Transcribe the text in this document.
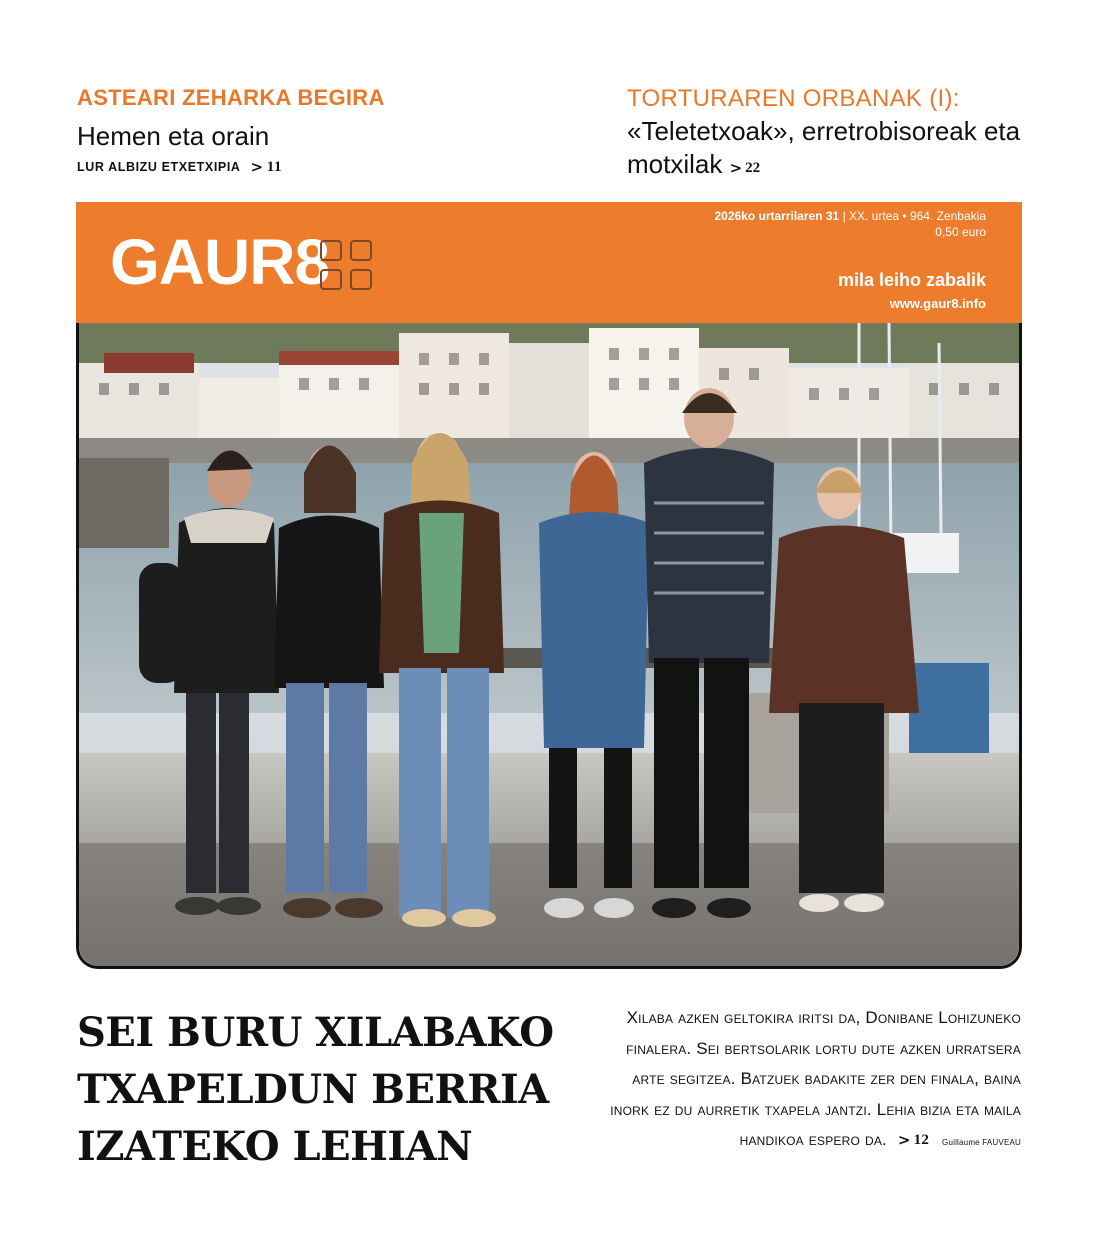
ASTEARI ZEHARKA BEGIRA
Hemen eta orain
LUR ALBIZU ETXETXIPIA > 11
TORTURAREN ORBANAK (I):
«Teletetxoak», erretrobisoreak eta motxilak > 22
GAUR8
2026ko urtarrilaren 31 | XX. urtea • 964. Zenbakia
0,50 euro
mila leiho zabalik
www.gaur8.info
SEI BURU XILABAKO
TXAPELDUN BERRIA
IZATEKO LEHIAN
Xilaba azken geltokira iritsi da, Donibane Lohizuneko finalera. Sei bertsolarik lortu dute azken urratsera arte segitzea. Batzuek badakite zer den finala, baina inork ez du aurretik txapela jantzi. Lehia bizia eta maila handikoa espero da. > 12 Guillaume FAUVEAU
